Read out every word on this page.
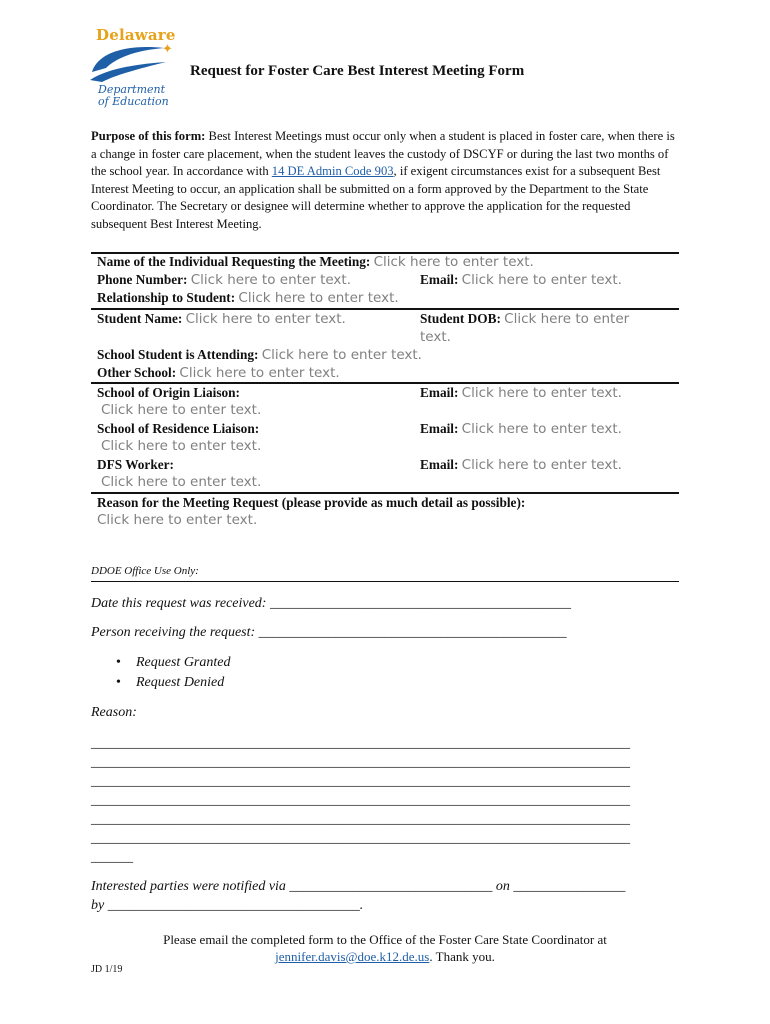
Delaware
✦
Department
of Education
Request for Foster Care Best Interest Meeting Form
Purpose of this form: Best Interest Meetings must occur only when a student is placed in foster care, when there is a change in foster care placement, when the student leaves the custody of DSCYF or during the last two months of the school year. In accordance with 14 DE Admin Code 903, if exigent circumstances exist for a subsequent Best Interest Meeting to occur, an application shall be submitted on a form approved by the Department to the State Coordinator. The Secretary or designee will determine whether to approve the application for the requested subsequent Best Interest Meeting.
Name of the Individual Requesting the Meeting: Click here to enter text.
Phone Number: Click here to enter text.	Email: Click here to enter text.
Relationship to Student: Click here to enter text.
Student Name: Click here to enter text.	Student DOB: Click here to enter
text.
School Student is Attending: Click here to enter text.
Other School: Click here to enter text.
School of Origin Liaison:	Email: Click here to enter text.
Click here to enter text.
School of Residence Liaison:	Email: Click here to enter text.
Click here to enter text.
DFS Worker:	Email: Click here to enter text.
Click here to enter text.
Reason for the Meeting Request (please provide as much detail as possible):
Click here to enter text.
DDOE Office Use Only:
Date this request was received: ___________________________________________
Person receiving the request: ____________________________________________
• Request Granted
• Request Denied
Reason:
_____________________________________________________________________________
_____________________________________________________________________________
_____________________________________________________________________________
_____________________________________________________________________________
_____________________________________________________________________________
_____________________________________________________________________________
______
Interested parties were notified via _____________________________ on ________________
by ____________________________________.
Please email the completed form to the Office of the Foster Care State Coordinator at
jennifer.davis@doe.k12.de.us. Thank you.
JD 1/19
